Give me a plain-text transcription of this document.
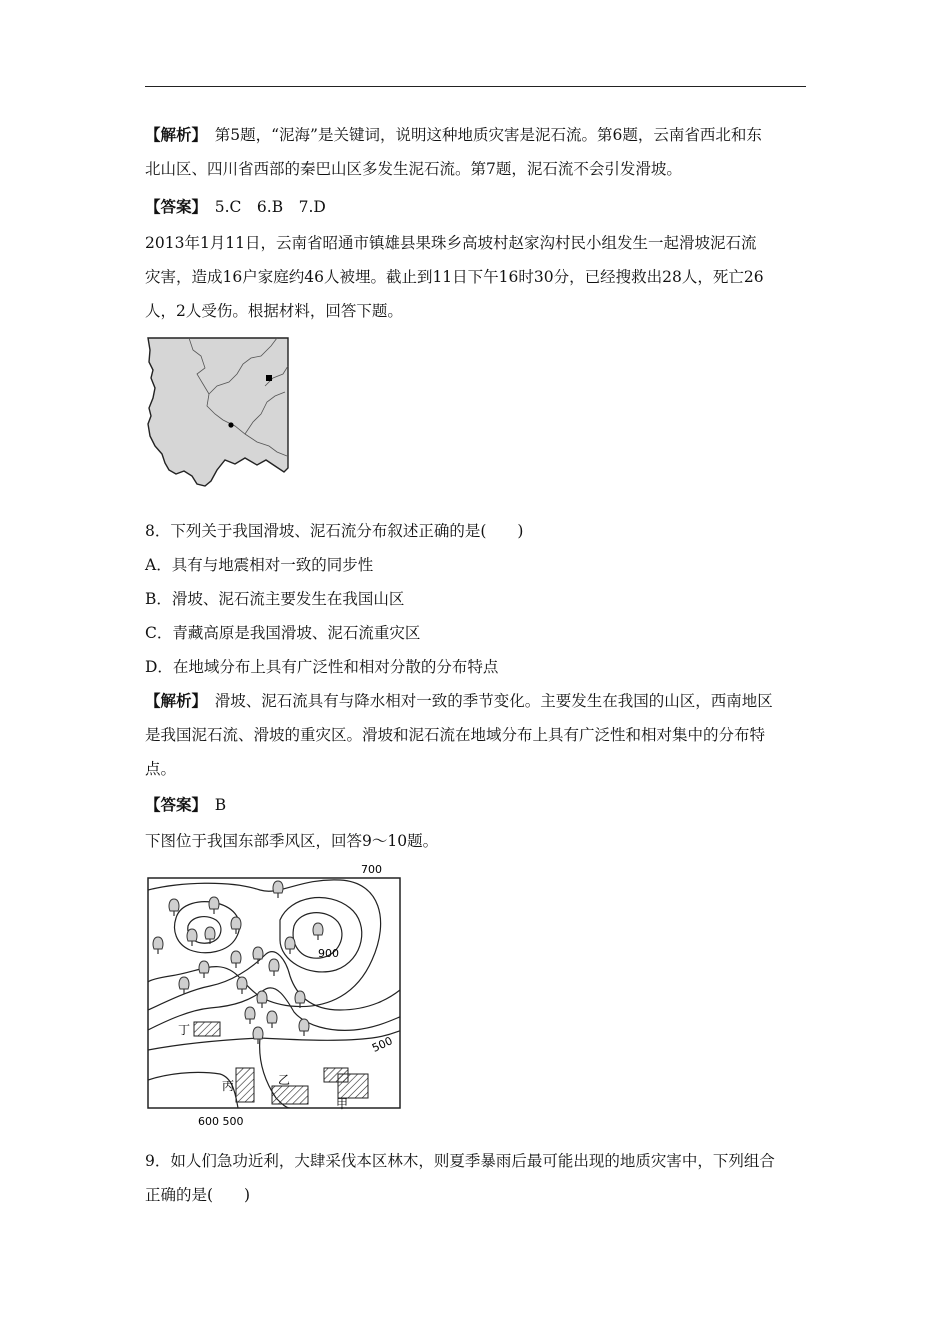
【解析】　第5题，“泥海”是关键词，说明这种地质灾害是泥石流。第6题，云南省西北和东
北山区、四川省西部的秦巴山区多发生泥石流。第7题，泥石流不会引发滑坡。

【答案】　5.C　6.B　7.D

2013年1月11日，云南省昭通市镇雄县果珠乡高坡村赵家沟村民小组发生一起滑坡泥石流
灾害，造成16户家庭约46人被埋。截止到11日下午16时30分，已经搜救出28人，死亡26
人，2人受伤。根据材料，回答下题。

8．下列关于我国滑坡、泥石流分布叙述正确的是(　　)
A．具有与地震相对一致的同步性
B．滑坡、泥石流主要发生在我国山区
C．青藏高原是我国滑坡、泥石流重灾区
D．在地域分布上具有广泛性和相对分散的分布特点

【解析】　滑坡、泥石流具有与降水相对一致的季节变化。主要发生在我国的山区，西南地区
是我国泥石流、滑坡的重灾区。滑坡和泥石流在地域分布上具有广泛性和相对集中的分布特
点。

【答案】　B

下图位于我国东部季风区，回答9～10题。

700
900
500
600 500
丁
丙	乙
甲

9．如人们急功近利，大肆采伐本区林木，则夏季暴雨后最可能出现的地质灾害中，下列组合
正确的是(　　)
